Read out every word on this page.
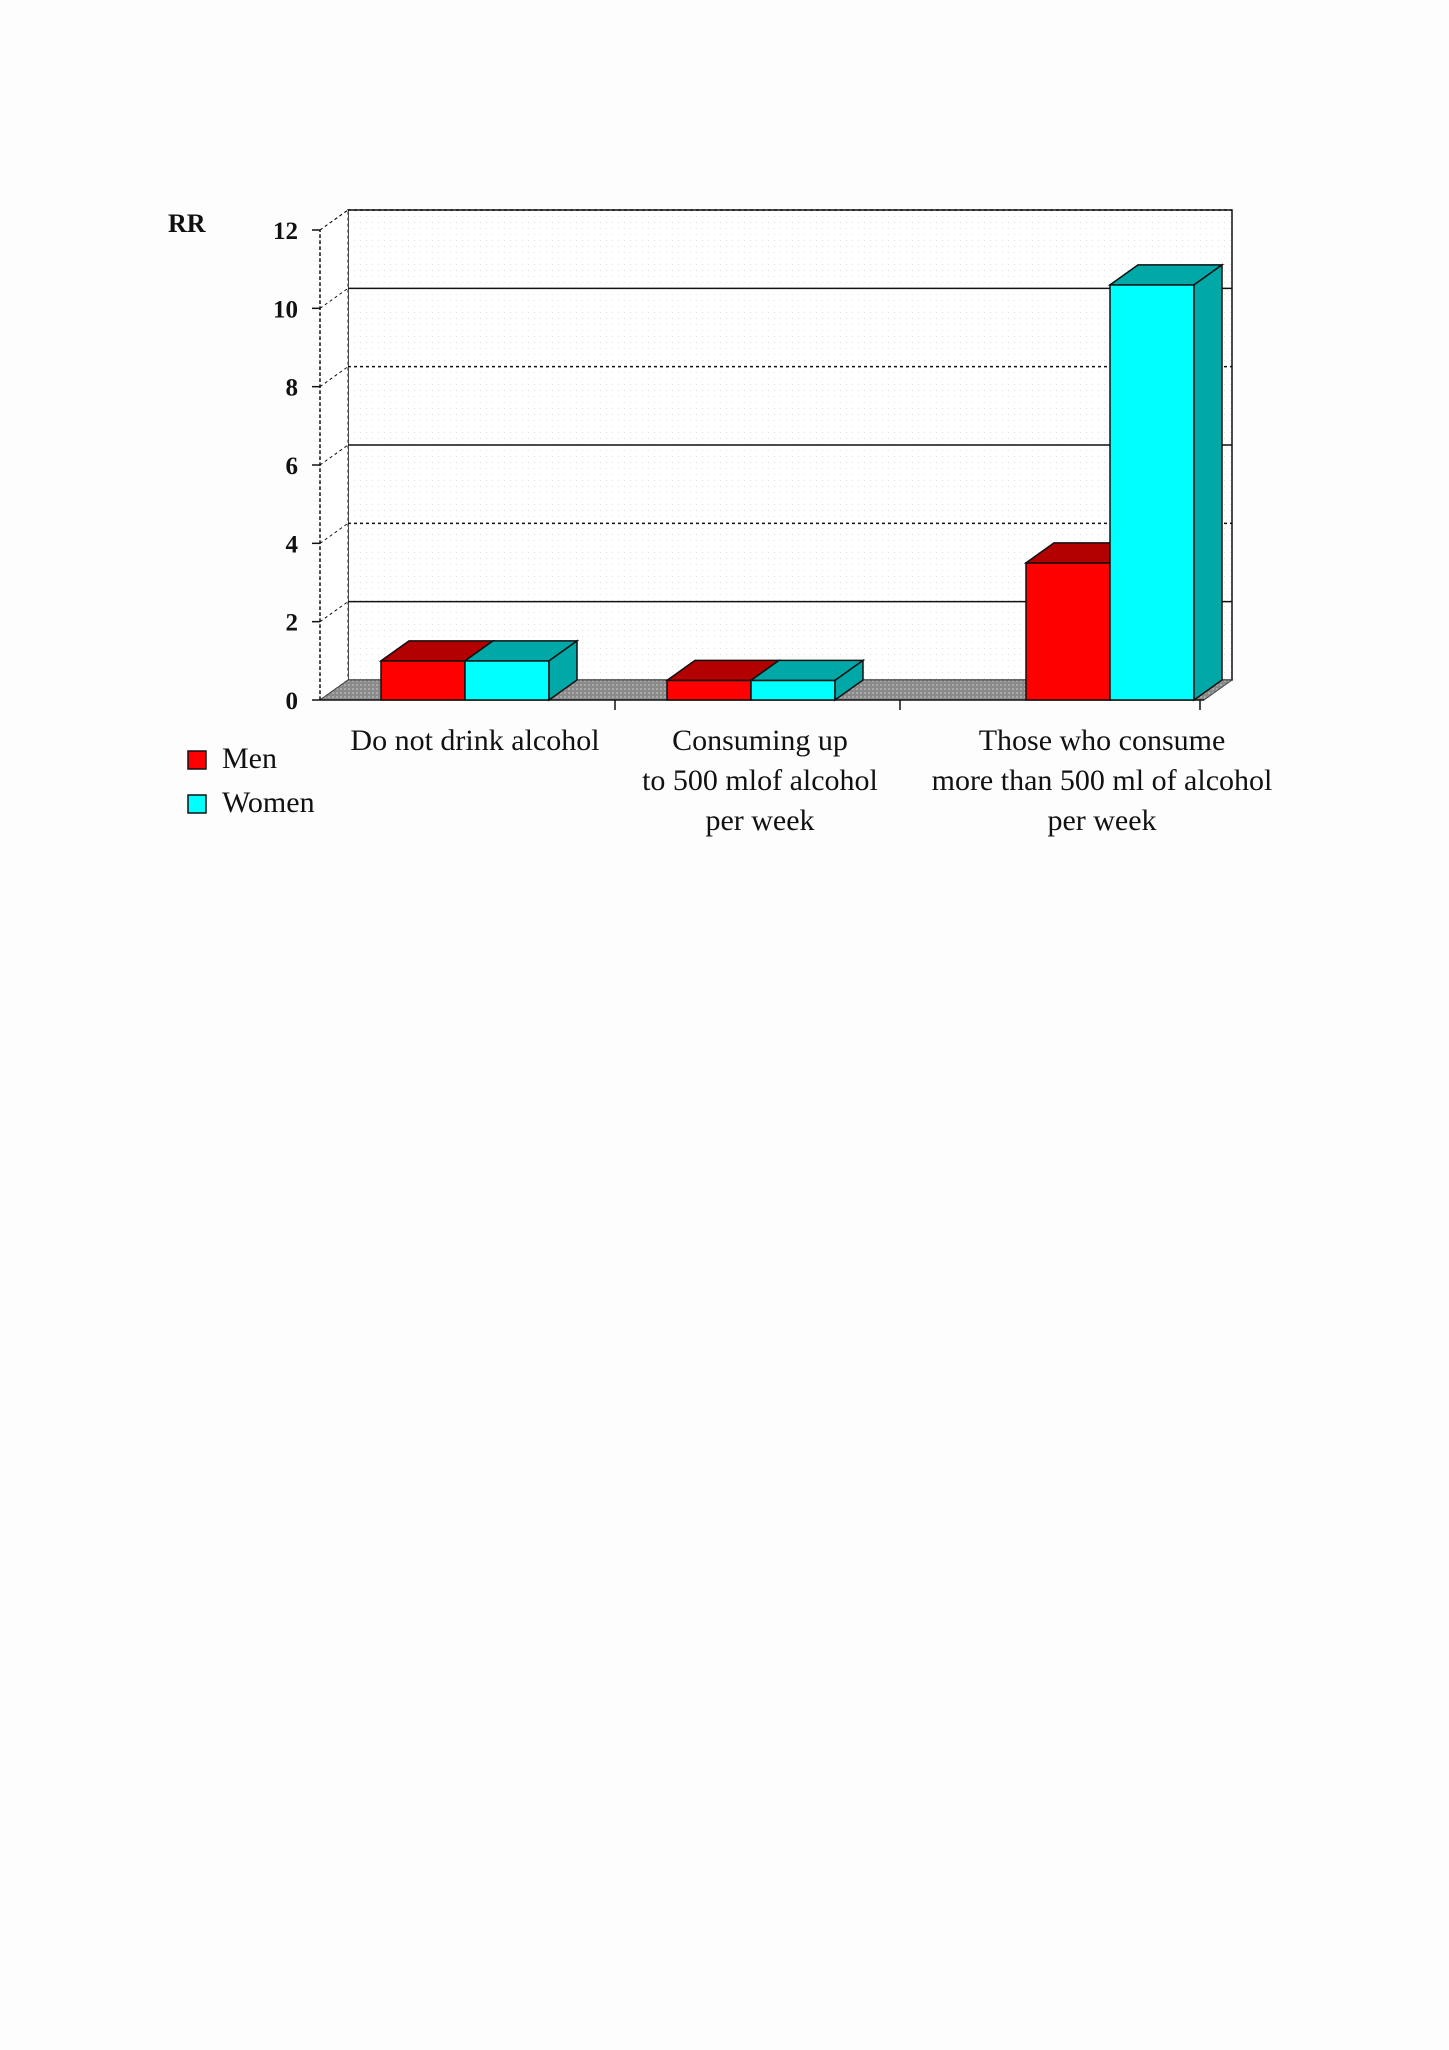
0
2
4
6
8
10
12
Do not drink alcohol	Consuming up to 500 mlof alcohol per week
Those who consume more than 500 ml of alcohol per week
RR
Men
Women
